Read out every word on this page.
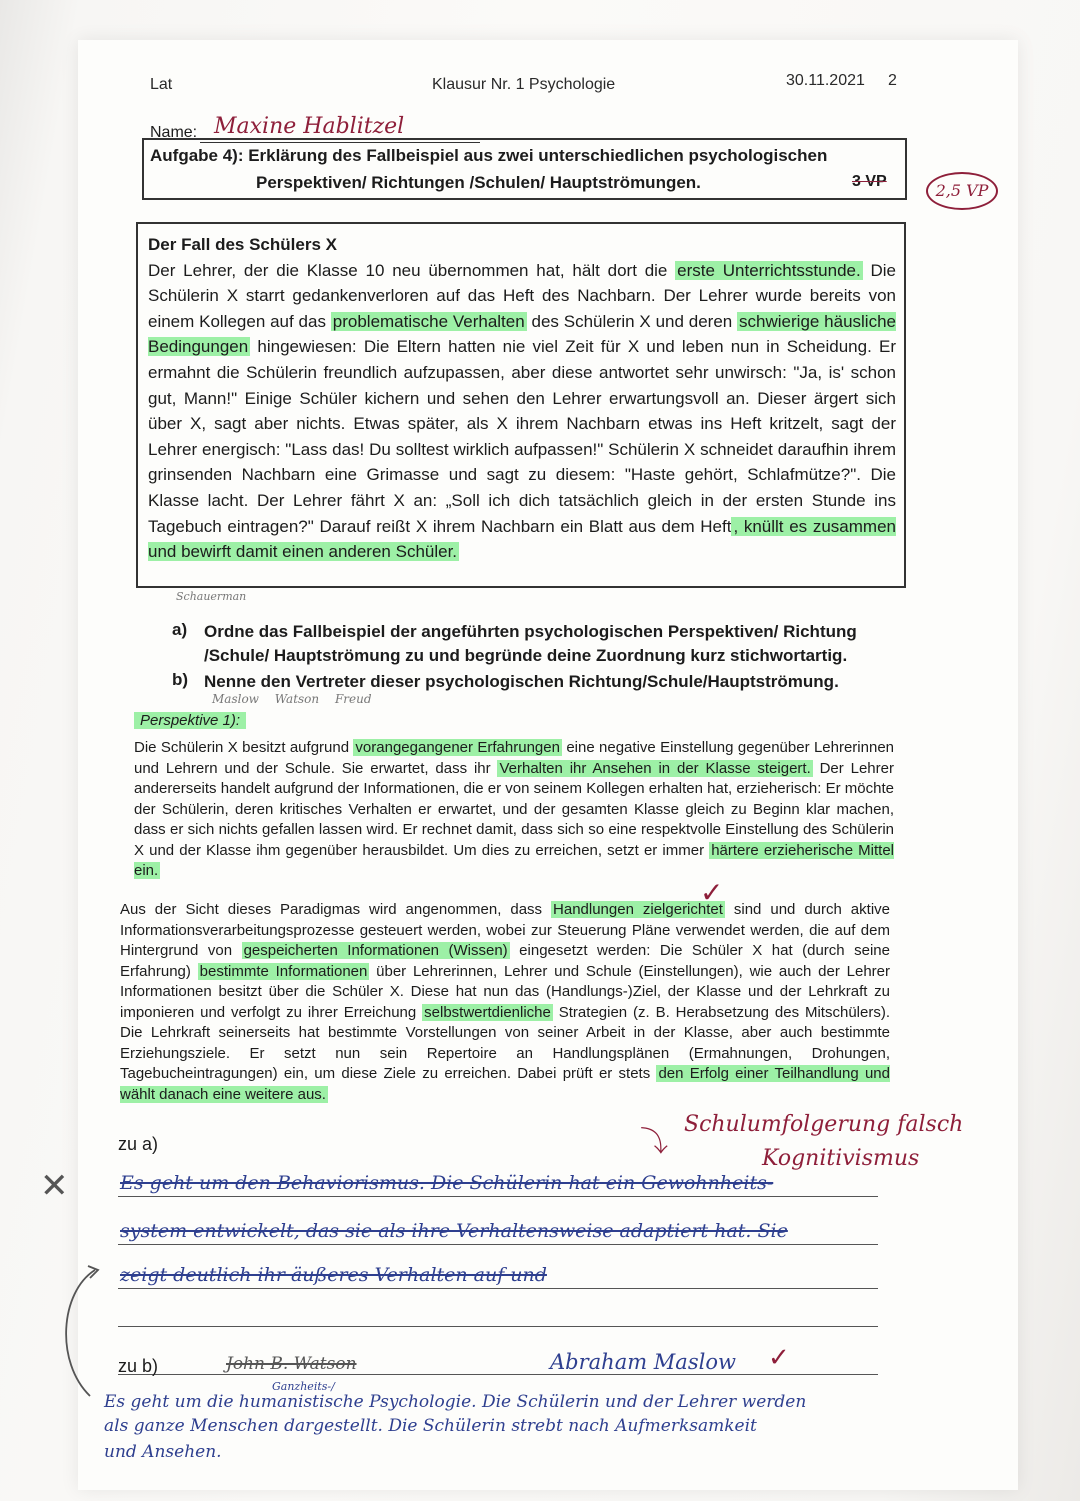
Lat	Klausur Nr. 1 Psychologie	30.11.2021 2
Name: Maxine Hablitzel
Aufgabe 4): Erklärung des Fallbeispiel aus zwei unterschiedlichen psychologischen
Perspektiven/ Richtungen /Schulen/ Hauptströmungen.	3 VP	2,5 VP
Der Fall des Schülers X
Der Lehrer, der die Klasse 10 neu übernommen hat, hält dort die erste Unterrichtsstunde. Die Schülerin X starrt gedankenverloren auf das Heft des Nachbarn. Der Lehrer wurde bereits von einem Kollegen auf das problematische Verhalten des Schülerin X und deren schwierige häusliche Bedingungen hingewiesen: Die Eltern hatten nie viel Zeit für X und leben nun in Scheidung. Er ermahnt die Schülerin freundlich aufzupassen, aber diese antwortet sehr unwirsch: "Ja, is' schon gut, Mann!" Einige Schüler kichern und sehen den Lehrer erwartungsvoll an. Dieser ärgert sich über X, sagt aber nichts. Etwas später, als X ihrem Nachbarn etwas ins Heft kritzelt, sagt der Lehrer energisch: "Lass das! Du solltest wirklich aufpassen!" Schülerin X schneidet daraufhin ihrem grinsenden Nachbarn eine Grimasse und sagt zu diesem: "Haste gehört, Schlafmütze?". Die Klasse lacht. Der Lehrer fährt X an: „Soll ich dich tatsächlich gleich in der ersten Stunde ins Tagebuch eintragen?" Darauf reißt X ihrem Nachbarn ein Blatt aus dem Heft , knüllt es zusammen und bewirft damit einen anderen Schüler.
Schauerman
a) Ordne das Fallbeispiel der angeführten psychologischen Perspektiven/ Richtung /Schule/ Hauptströmung zu und begründe deine Zuordnung kurz stichwortartig.
b) Nenne den Vertreter dieser psychologischen Richtung/Schule/Hauptströmung.
Maslow Watson Freud
Perspektive 1):
Die Schülerin X besitzt aufgrund vorangegangener Erfahrungen eine negative Einstellung gegenüber Lehrerinnen und Lehrern und der Schule. Sie erwartet, dass ihr Verhalten ihr Ansehen in der Klasse steigert. Der Lehrer andererseits handelt aufgrund der Informationen, die er von seinem Kollegen erhalten hat, erzieherisch: Er möchte der Schülerin, deren kritisches Verhalten er erwartet, und der gesamten Klasse gleich zu Beginn klar machen, dass er sich nichts gefallen lassen wird. Er rechnet damit, dass sich so eine respektvolle Einstellung des Schülerin X und der Klasse ihm gegenüber herausbildet. Um dies zu erreichen, setzt er immer härtere erzieherische Mittel ein.
Aus der Sicht dieses Paradigmas wird angenommen, dass Handlungen zielgerichtet sind und durch aktive Informationsverarbeitungsprozesse gesteuert werden, wobei zur Steuerung Pläne verwendet werden, die auf dem Hintergrund von gespeicherten Informationen (Wissen) eingesetzt werden: Die Schüler X hat (durch seine Erfahrung) bestimmte Informationen über Lehrerinnen, Lehrer und Schule (Einstellungen), wie auch der Lehrer Informationen besitzt über die Schüler X. Diese hat nun das (Handlungs-)Ziel, der Klasse und der Lehrkraft zu imponieren und verfolgt zu ihrer Erreichung selbstwertdienliche Strategien (z. B. Herabsetzung des Mitschülers). Die Lehrkraft seinerseits hat bestimmte Vorstellungen von seiner Arbeit in der Klasse, aber auch bestimmte Erziehungsziele. Er setzt nun sein Repertoire an Handlungsplänen (Ermahnungen, Drohungen, Tagebucheintragungen) ein, um diese Ziele zu erreichen. Dabei prüft er stets den Erfolg einer Teilhandlung und wählt danach eine weitere aus.
✓
zu a)	⤵
Schulumfolgerung falsch
Kognitivismus
✕	Es geht um den Behaviorismus. Die Schülerin hat ein Gewohnheits-
system entwickelt, das sie als ihre Verhaltensweise adaptiert hat. Sie
zeigt deutlich ihr äußeres Verhalten auf und
zu b)	John B. Watson	Abraham Maslow ✓
Ganzheits-/
Es geht um die humanistische Psychologie. Die Schülerin und der Lehrer werden
als ganze Menschen dargestellt. Die Schülerin strebt nach Aufmerksamkeit
und Ansehen.
